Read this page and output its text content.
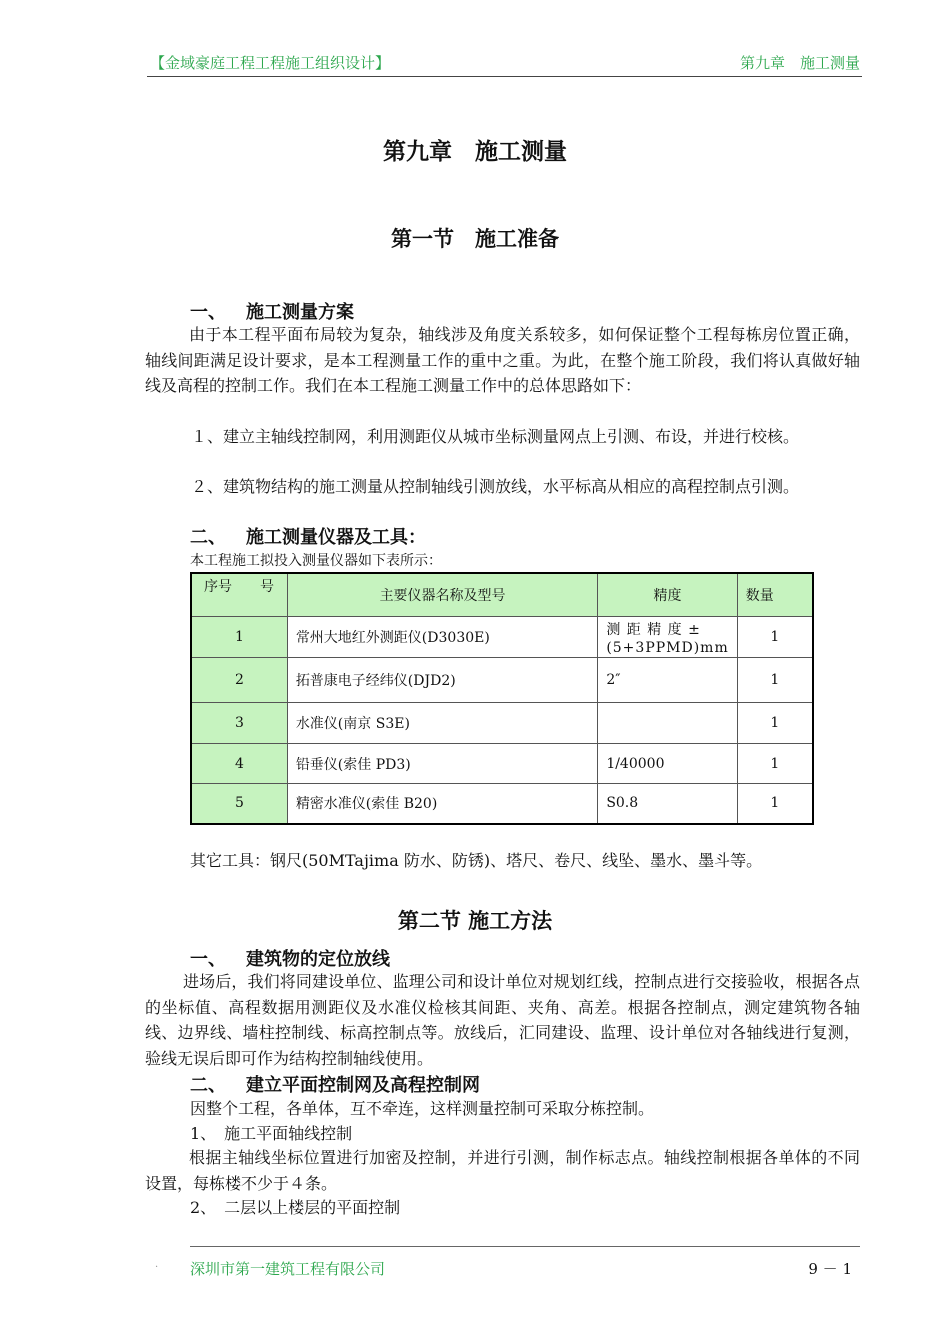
【金域豪庭工程工程施工组织设计】	第九章　施工测量
第九章　施工测量
第一节　施工准备
一、 施工测量方案
由于本工程平面布局较为复杂，轴线涉及角度关系较多，如何保证整个工程每栋房位置正确，轴线间距满足设计要求，是本工程测量工作的重中之重。为此，在整个施工阶段，我们将认真做好轴线及高程的控制工作。我们在本工程施工测量工作中的总体思路如下：
１、建立主轴线控制网，利用测距仪从城市坐标测量网点上引测、布设，并进行校核。
２、建筑物结构的施工测量从控制轴线引测放线，水平标高从相应的高程控制点引测。
二、 施工测量仪器及工具：
本工程施工拟投入测量仪器如下表所示：
序号　　号	主要仪器名称及型号	精度	数量
1	常州大地红外测距仪(D3030E)	测 距 精 度 ±(5+3PPMD)mm	1
2	拓普康电子经纬仪(DJD2)	2″	1
3	水准仪(南京 S3E)		1
4	铅垂仪(索佳 PD3)	1/40000	1
5	精密水准仪(索佳 B20)	S0.8	1
其它工具：钢尺(50MTajima 防水、防锈)、塔尺、卷尺、线坠、墨水、墨斗等。
第二节 施工方法
一、 建筑物的定位放线
进场后，我们将同建设单位、监理公司和设计单位对规划红线，控制点进行交接验收，根据各点的坐标值、高程数据用测距仪及水准仪检核其间距、夹角、高差。根据各控制点，测定建筑物各轴线、边界线、墙柱控制线、标高控制点等。放线后，汇同建设、监理、设计单位对各轴线进行复测，验线无误后即可作为结构控制轴线使用。
二、 建立平面控制网及高程控制网
因整个工程，各单体，互不牵连，这样测量控制可采取分栋控制。
1、　施工平面轴线控制
根据主轴线坐标位置进行加密及控制，并进行引测，制作标志点。轴线控制根据各单体的不同设置，每栋楼不少于４条。
2、　二层以上楼层的平面控制
· 深圳市第一建筑工程有限公司	9 － 1
